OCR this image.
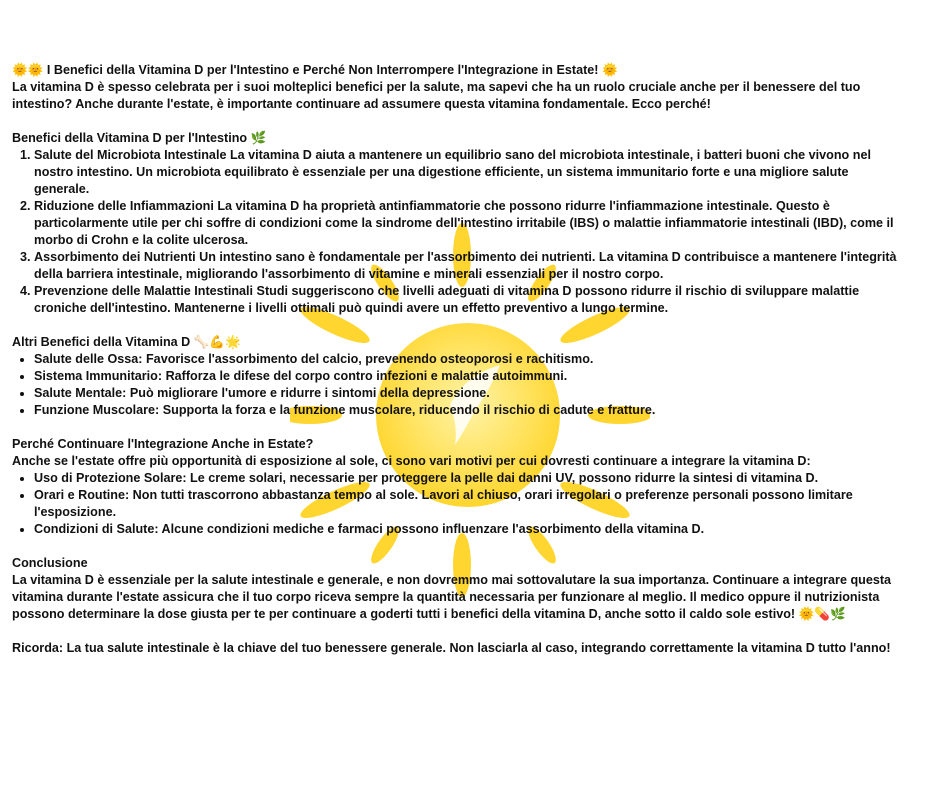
🌞🌞 I Benefici della Vitamina D per l'Intestino e Perché Non Interrompere l'Integrazione in Estate! 🌞

La vitamina D è spesso celebrata per i suoi molteplici benefici per la salute, ma sapevi che ha un ruolo cruciale anche per il benessere del tuo intestino? Anche durante l'estate, è importante continuare ad assumere questa vitamina fondamentale. Ecco perché!

Benefici della Vitamina D per l'Intestino 🌿

1. Salute del Microbiota Intestinale La vitamina D aiuta a mantenere un equilibrio sano del microbiota intestinale, i batteri buoni che vivono nel nostro intestino. Un microbiota equilibrato è essenziale per una digestione efficiente, un sistema immunitario forte e una migliore salute generale.
2. Riduzione delle Infiammazioni La vitamina D ha proprietà antinfiammatorie che possono ridurre l'infiammazione intestinale. Questo è particolarmente utile per chi soffre di condizioni come la sindrome dell'intestino irritabile (IBS) o malattie infiammatorie intestinali (IBD), come il morbo di Crohn e la colite ulcerosa.
3. Assorbimento dei Nutrienti Un intestino sano è fondamentale per l'assorbimento dei nutrienti. La vitamina D contribuisce a mantenere l'integrità della barriera intestinale, migliorando l'assorbimento di vitamine e minerali essenziali per il nostro corpo.
4. Prevenzione delle Malattie Intestinali Studi suggeriscono che livelli adeguati di vitamina D possono ridurre il rischio di sviluppare malattie croniche dell'intestino. Mantenerne i livelli ottimali può quindi avere un effetto preventivo a lungo termine.

Altri Benefici della Vitamina D 🦴💪🌟

• Salute delle Ossa: Favorisce l'assorbimento del calcio, prevenendo osteoporosi e rachitismo.
• Sistema Immunitario: Rafforza le difese del corpo contro infezioni e malattie autoimmuni.
• Salute Mentale: Può migliorare l'umore e ridurre i sintomi della depressione.
• Funzione Muscolare: Supporta la forza e la funzione muscolare, riducendo il rischio di cadute e fratture.

Perché Continuare l'Integrazione Anche in Estate?

Anche se l'estate offre più opportunità di esposizione al sole, ci sono vari motivi per cui dovresti continuare a integrare la vitamina D:

• Uso di Protezione Solare: Le creme solari, necessarie per proteggere la pelle dai danni UV, possono ridurre la sintesi di vitamina D.
• Orari e Routine: Non tutti trascorrono abbastanza tempo al sole. Lavori al chiuso, orari irregolari o preferenze personali possono limitare l'esposizione.
• Condizioni di Salute: Alcune condizioni mediche e farmaci possono influenzare l'assorbimento della vitamina D.

Conclusione

La vitamina D è essenziale per la salute intestinale e generale, e non dovremmo mai sottovalutare la sua importanza. Continuare a integrare questa vitamina durante l'estate assicura che il tuo corpo riceva sempre la quantità necessaria per funzionare al meglio. Il medico oppure il nutrizionista possono determinare la dose giusta per te per continuare a goderti tutti i benefici della vitamina D, anche sotto il caldo sole estivo! 🌞💊🌿

Ricorda: La tua salute intestinale è la chiave del tuo benessere generale. Non lasciarla al caso, integrando correttamente la vitamina D tutto l'anno!
